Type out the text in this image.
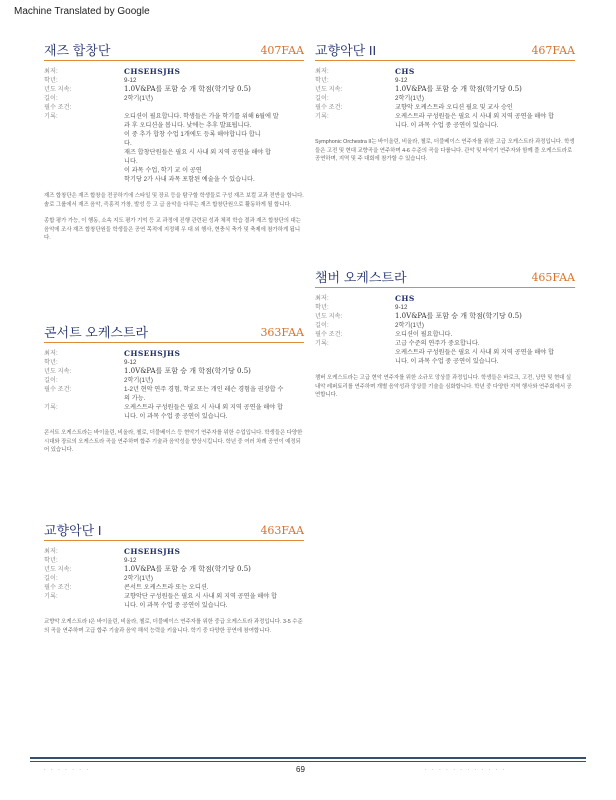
Machine Translated by Google
재즈 합창단	407FAA
최저:	CHSEHSJHS
학년:	9-12
년도 지속:	1.0V&PA를 포함 승 개 학점(학기당 0.5)
길이:	2학기(1년)
필수 조건:
기록:	오디션이 필요합니다. 학생들은 가을 학기를 위해 6월에 말
과 후 오디션을 봅니다. 낮에는 추후 발표됩니다.
이 중 추가 합창 수업 1개에도 등록 해야합니다 합니
다.
재즈 합창단원들은 필요 시 사내 외 지역 공연을 해야 합
니다.
이 과목 수업, 학기 교 이 공연
학기당 2가 사내 과목 포함된 예술을 수 있습니다.
재즈 합창단은 재즈 합창을 전공하기에 스타일 및 장르 등을 탐구할 학생들로 구성 재즈 보컬 교과 전반을 합니다. 솔로 그룹에서 재즈 음악, 즉흥적 가창, 발성 등 고 급 음악을 다루는 재즈 합창단원으로 활동하게 될 합니다.
종합 평가 가능, 이 행동, 소속 지도 평가 기억 등 교 과정에 진행 관련된 성과 체적 학습 결과 재즈 합창단의 대는 음악에 조사 재즈 합창단원들 학생들은 공연 목적에 지정해 우 대 외 행사, 현충식 축가 및 축제에 참가하게 됩니다.
콘서트 오케스트라	363FAA
최저:	CHSEHSJHS
학년:	9-12
년도 지속:	1.0V&PA를 포함 승 개 학점(학기당 0.5)
길이:	2학기(1년)
필수 조건:	1-2년 현악 연주 경험, 학교 또는 개인 레슨 경험을 권장합 수
의 가능.
기록:	오케스트라 구성원들은 필요 시 사내 외 지역 공연을 해야 합
니다. 이 과목 수업 중 공연이 있습니다.
콘서트 오케스트라는 바이올린, 비올라, 첼로, 더블베이스 등 현악기 연주자를 위한 수업입니다. 학생들은 다양한 시대와 장르의 오케스트라 곡을 연주하며 합주 기술과 음악성을 향상시킵니다. 학년 중 여러 차례 공연이 예정되어 있습니다.
교향악단 I	463FAA
최저:	CHSEHSJHS
학년:	9-12
년도 지속:	1.0V&PA를 포함 승 개 학점(학기당 0.5)
길이:	2학기(1년)
필수 조건:	콘서트 오케스트라 또는 오디션.
기록:	교향악단 구성원들은 필요 시 사내 외 지역 공연을 해야 합
니다. 이 과목 수업 중 공연이 있습니다.
교향악 오케스트라 I은 바이올린, 비올라, 첼로, 더블베이스 연주자를 위한 중급 오케스트라 과정입니다. 3-5 수준의 곡을 연주하며 고급 합주 기술과 음악 해석 능력을 키웁니다. 학기 중 다양한 공연에 참여합니다.
교향악단 II	467FAA
최저:	CHS
학년:	9-12
년도 지속:	1.0V&PA를 포함 승 개 학점(학기당 0.5)
길이:	2학기(1년)
필수 조건:	교향악 오케스트라 오디션 필요 및 교사 승인
기록:	오케스트라 구성원들은 필요 시 사내 외 지역 공연을 해야 합
니다. 이 과목 수업 중 공연이 있습니다.
Symphonic Orchestra II는 바이올린, 비올라, 첼로, 더블베이스 연주자를 위한 고급 오케스트라 과정입니다. 학생들은 고전 및 현대 교향곡을 연주하며 4-6 수준의 곡을 다룹니다. 관악 및 타악기 연주자와 함께 풀 오케스트라로 공연하며, 지역 및 주 대회에 참가할 수 있습니다.
챔버 오케스트라	465FAA
최저:	CHS
학년:	9-12
년도 지속:	1.0V&PA를 포함 승 개 학점(학기당 0.5)
길이:	2학기(1년)
필수 조건:	오디션이 필요합니다.
기록:	고급 수준의 연주가 중요합니다.
오케스트라 구성원들은 필요 시 사내 외 지역 공연을 해야 합
니다. 이 과목 수업 중 공연이 있습니다.
챔버 오케스트라는 고급 현악 연주자를 위한 소규모 앙상블 과정입니다. 학생들은 바로크, 고전, 낭만 및 현대 실내악 레퍼토리를 연주하며 개별 음악성과 앙상블 기술을 심화합니다. 학년 중 다양한 지역 행사와 연주회에서 공연합니다.
· · · · · · ·	69	· · · · · · · · · · · ·
